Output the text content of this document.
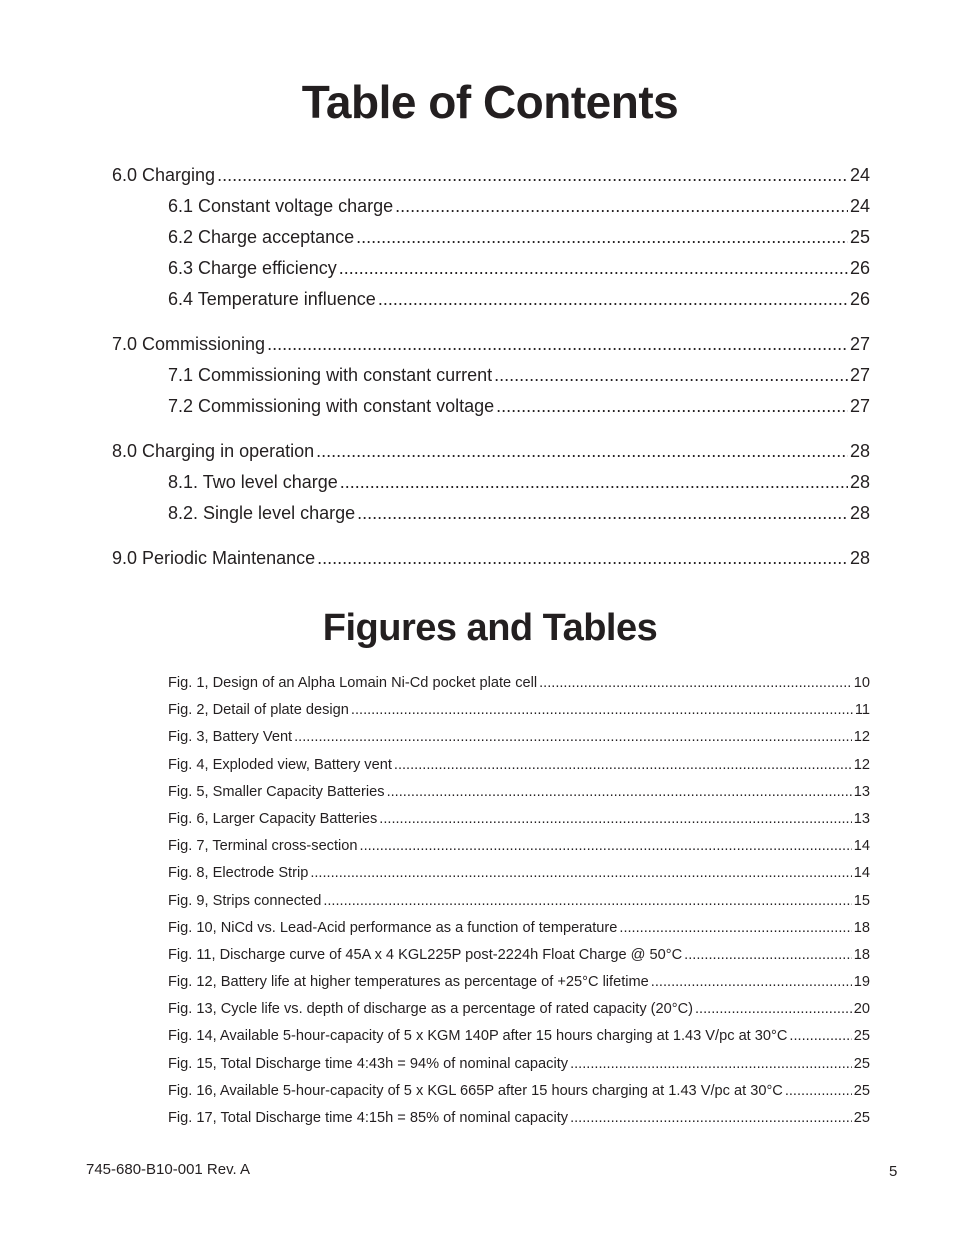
Table of Contents
6.0 Charging .....	24
6.1 Constant voltage charge .....	24
6.2 Charge acceptance .....	25
6.3 Charge efficiency .....	26
6.4 Temperature influence .....	26
7.0 Commissioning .....	27
7.1 Commissioning with constant current .....	27
7.2 Commissioning with constant voltage .....	27
8.0 Charging in operation .....	28
8.1. Two level charge .....	28
8.2. Single level charge .....	28
9.0 Periodic Maintenance .....	28
Figures and Tables
Fig. 1, Design of an Alpha Lomain Ni-Cd pocket plate cell .....	10
Fig. 2, Detail of plate design .....	11
Fig. 3, Battery Vent .....	12
Fig. 4, Exploded view, Battery vent .....	12
Fig. 5, Smaller Capacity Batteries .....	13
Fig. 6, Larger Capacity Batteries .....	13
Fig. 7, Terminal cross-section .....	14
Fig. 8, Electrode Strip .....	14
Fig. 9, Strips connected .....	15
Fig. 10, NiCd vs. Lead-Acid performance as a function of temperature .....	18
Fig. 11, Discharge curve of 45A x 4 KGL225P post-2224h Float Charge @ 50°C .....	18
Fig. 12, Battery life at higher temperatures as percentage of +25°C lifetime .....	19
Fig. 13, Cycle life vs. depth of discharge as a percentage of rated capacity (20°C) .....	20
Fig. 14, Available 5-hour-capacity of 5 x KGM 140P after 15 hours charging at 1.43 V/pc at 30°C .....	25
Fig. 15, Total Discharge time 4:43h = 94% of nominal capacity .....	25
Fig. 16, Available 5-hour-capacity of 5 x KGL 665P after 15 hours charging at 1.43 V/pc at 30°C .....	25
Fig. 17, Total Discharge time 4:15h = 85% of nominal capacity .....	25
745-680-B10-001 Rev. A	5
